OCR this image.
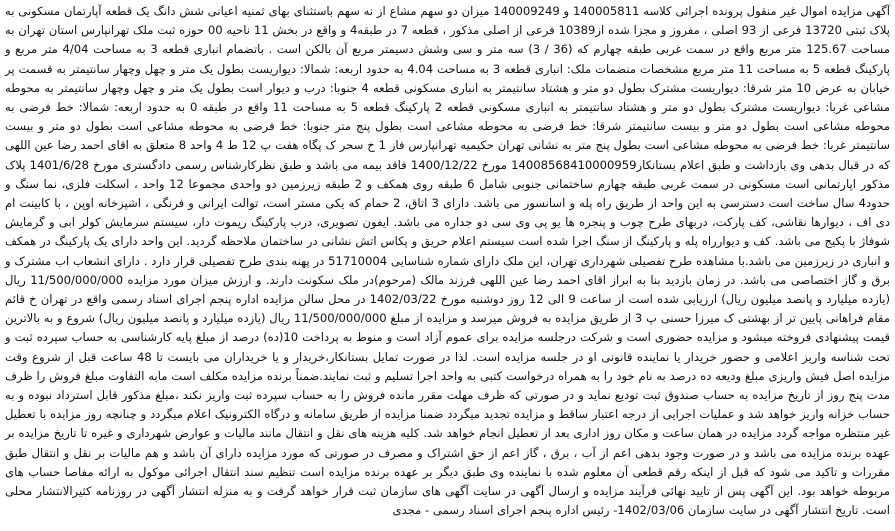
آگهی مزایده اموال غیر منقول پرونده اجرائی کلاسه 140005811 و 140009249 میزان دو سهم مشاع از نه سهم باستثنای بهای ثمنیه اعیانی شش دانگ یک قطعه آپارتمان مسکونی به پلاک ثبتی 13720 فرعی از 93 اصلی ، مفروز و مجزا شده از10389 فرعی از اصلی مذکور ، قطعه 7 در طبقه4 و واقع در بخش 11 ناحیه 00 حوزه ثبت ملک تهرانپارس استان تهران به مساحت 125.67 متر مربع واقع در سمت غربی طبقه چهارم که (36 / 3) سه متر و سی وشش دسیمتر مربع آن بالکن است . باتضمام انباری قطعه 3 به مساحت 4/04 متر مربع و پارکینگ قطعه 5 به مساحت 11 متر مربع مشخصات منضمات ملک: انباری قطعه 3 به مساحت 4.04 به حدود اربعه: شمالا: دیواریست بطول یک متر و چهل وچهار سانتیمتر به قسمت پر خیابان به عرض 10 متر شرقا: دیواریست مشترک بطول دو متر و هشتاد سانتیمتر به انباری مسکونی قطعه 4 جنوبا: درب و دیوار است بطول یک متر و چهل وچهار سانتیمتر به محوطه مشاعی غربا: دیواریست مشترک بطول دو متر و هشتاد سانتیمتر به انباری مسکونی قطعه 2 پارکینگ قطعه 5 به مساحت 11 واقع در طبقه 0 به حدود اربعه: شمالا: خط فرضی به محوطه مشاعی است بطول دو متر و بیست سانتیمتر شرقا: خط فرضی به محوطه مشاعی است بطول پنج متر جنوبا: خط فرضی به محوطه مشاعی است بطول دو متر و بیست سانتیمتر غربا: خط فرضی به محوطه مشاعی است بطول پنج متر به نشانی تهران حکیمیه تهرانپارس فاز 1 خ سحر ک پگاه هفت پ 12 ط 4 واحد 8 متعلق به اقای احمد رضا عین اللهی که در قبال بدهی وی بازداشت و طبق اعلام بستانکار14008568410000959 مورخ 1400/12/22 فاقد بیمه می باشد و طبق نظرکارشناس رسمی دادگستری مورخ 1401/6/28 پلاک مذکور اپارتمانی است مسکونی در سمت غربی طبقه چهارم ساختمانی جنوبی شامل 6 طبقه روی همکف و 2 طبقه زیرزمین دو واحدی مجموعا 12 واحد ، اسکلت فلزی، نما سنگ و حدود4 سال ساخت است دسترسی به این واحد از طریق راه پله و اسانسور می باشد. دارای 3 اتاق، 2 حمام که یکی مستر است، توالت ایرانی و فرنگی ، اشپزخانه اوپن ، با کابینت ام دی اف ، دیوارها نقاشی، کف پارکت، دربهای طرح چوب و پنجره ها یو پی وی سی دو جداره می باشد. ایفون تصویری، درب پارکینگ ریموت دار، سیستم سرمایش کولر ابی و گرمایش شوفاژ با پکیج می باشد. کف و دیوارراه پله و پارکینگ از سنگ اجرا شده است سیستم اعلام حریق و پکاس اتش نشانی در ساختمان ملاحظه گردید. این واحد دارای یک پارکینگ در همکف و انباری در زیرزمین می باشد.با مشاهده طرح تفصیلی شهرداری تهران، این ملک دارای شماره شناسایی 51710004 در پهنه بندی طرح تفصیلی قرار دارد . دارای انشعاب اب مشترک و برق و گاز اختصاصی می باشد. در زمان بازدید بنا به ابراز اقای احمد رضا عین اللهی فرزند مالک (مرحوم)در ملک سکونت دارند. و ارزش میزان مورد مزایده 11/500/000/000 ریال (یازده میلیارد و پانصد میلیون ریال) ارزیابی شده است از ساعت 9 الی 12 روز دوشنبه مورخ 1402/03/22 در محل سالن مزایده اداره پنجم اجرای اسناد رسمی واقع در تهران خ قائم مقام فراهانی پایین تر از بهشتی ک میرزا حسنی پ 3 از طریق مزایده به فروش میرسد و مزایده از مبلغ 11/500/000/000 ریال (یازده میلیارد و پانصد میلیون ریال) شروع و به بالاترین قیمت پیشنهادی فروخته میشود و مزایده حضوری است و شرکت درجلسه مزایده برای عموم آزاد است و منوط به پرداخت 10(ده) درصد از مبلغ پایه کارشناسی به حساب سپرده ثبت و تحت شناسه واریز اعلامی و حضور خریدار یا نماینده قانونی او در جلسه مزایده است. لذا در صورت تمایل بستانکار،خریدار و یا خریداران می بایست تا 48 ساعت قبل از شروع وقت مزایده اصل فیش واریزی مبلغ ودیعه ده درصد به نام خود را به همراه درخواست کتبی به واحد اجرا تسلیم و ثبت نمایند.ضمناً برنده مزایده مکلف است مابه التفاوت مبلغ فروش را ظرف مدت پنج روز از تاریخ مزایده به حساب صندوق ثبت تودیع نماید و در صورتی که ظرف مهلت مقرر مانده فروش را به حساب سپرده ثبت واریز نکند ،مبلغ مذکور قابل استرداد نبوده و به حساب خزانه واریز خواهد شد و عملیات اجرایی از درجه اعتبار ساقط و مزایده تجدید میگردد ضمنا مزایده از طریق سامانه و درگاه الکترونیک اعلام میگردد و چنانچه روز مزایده با تعطیل غیر منتظره مواجه گردد مزایده در همان ساعت و مکان روز اداری بعد از تعطیل انجام خواهد شد. کلیه هزینه های نقل و انتقال مانند مالیات و عوارض شهرداری و غیره تا تاریخ مزایده بر عهده برنده مزایده می باشد و در صورت وجود بدهی اعم از آب ، برق ، گاز اعم از حق اشتراک و مصرف در صورتی که مورد مزایده دارای آن باشد و هم مالیات بر نقل و انتقال طبق مقررات و تاکید می شود که قبل از اینکه رقم قطعی آن معلوم شده با نماینده وی طبق دیگر بر عهده برنده مزایده است تنظیم سند انتقال اجرائی موکول به ارائه مفاصا حساب های مربوطه خواهد بود. این آگهی پس از تایید نهائی فرآیند مزایده و ارسال آگهی در سایت آگهی های سازمان ثبت قرار خواهد گرفت و به منزله انتشار آگهی در روزنامه کثیرالانتشار محلی است. تاریخ انتشار آگهی در سایت سازمان 1402/03/06- رئیس اداره پنجم اجرای اسناد رسمی - مجدی
